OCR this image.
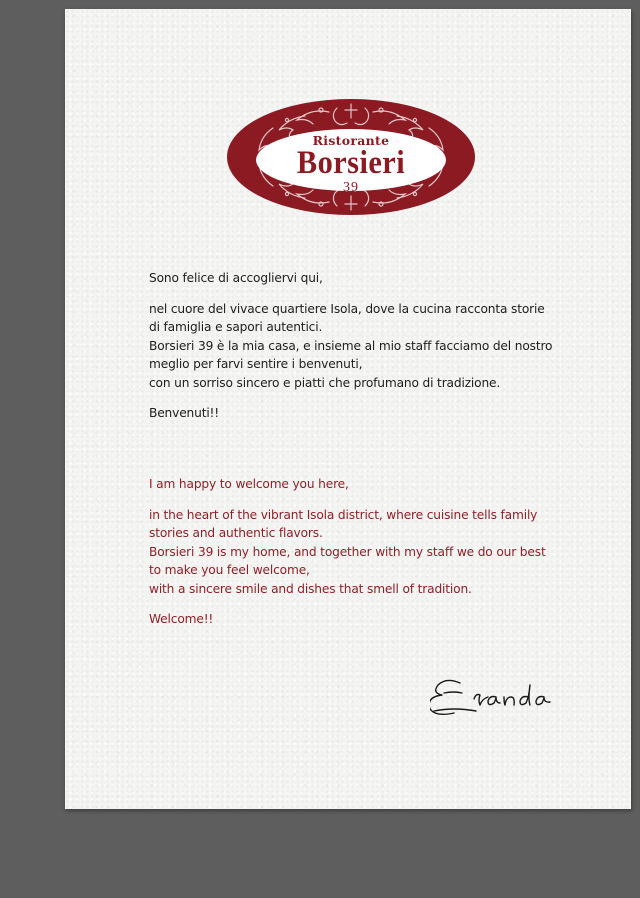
Ristorante
Borsieri
39

Sono felice di accogliervi qui,

nel cuore del vivace quartiere Isola, dove la cucina racconta storie

di famiglia e sapori autentici.

Borsieri 39 è la mia casa, e insieme al mio staff facciamo del nostro

meglio per farvi sentire i benvenuti,

con un sorriso sincero e piatti che profumano di tradizione.

Benvenuti!!

I am happy to welcome you here,

in the heart of the vibrant Isola district, where cuisine tells family

stories and authentic flavors.

Borsieri 39 is my home, and together with my staff we do our best

to make you feel welcome,

with a sincere smile and dishes that smell of tradition.

Welcome!!
